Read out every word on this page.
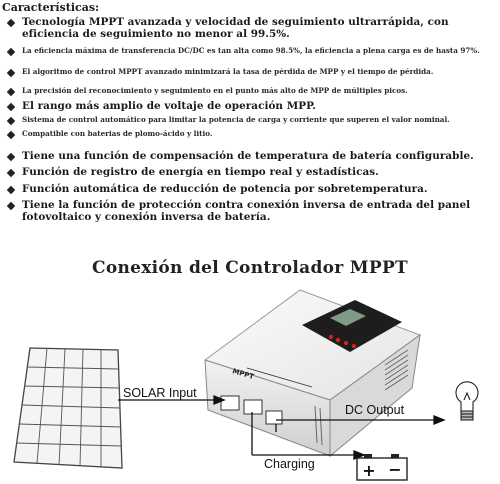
Características:
Tecnología MPPT avanzada y velocidad de seguimiento ultrarrápida, con eficiencia de seguimiento no menor al 99.5%.
La eficiencia máxima de transferencia DC/DC es tan alta como 98.5%, la eficiencia a plena carga es de hasta 97%.
El algoritmo de control MPPT avanzado minimizará la tasa de pérdida de MPP y el tiempo de pérdida.
La precisión del reconocimiento y seguimiento en el punto más alto de MPP de múltiples picos.
El rango más amplio de voltaje de operación MPP.
Sistema de control automático para limitar la potencia de carga y corriente que superen el valor nominal.
Compatible con baterias de plomo-ácido y litio.
Tiene una función de compensación de temperatura de batería configurable.
Función de registro de energía en tiempo real y estadísticas.
Función automática de reducción de potencia por sobretemperatura.
Tiene la función de protección contra conexión inversa de entrada del panel fotovoltaico y conexión inversa de batería.
Conexión del Controlador MPPT
MPPT
+ −
SOLAR Input
DC Output
Charging
